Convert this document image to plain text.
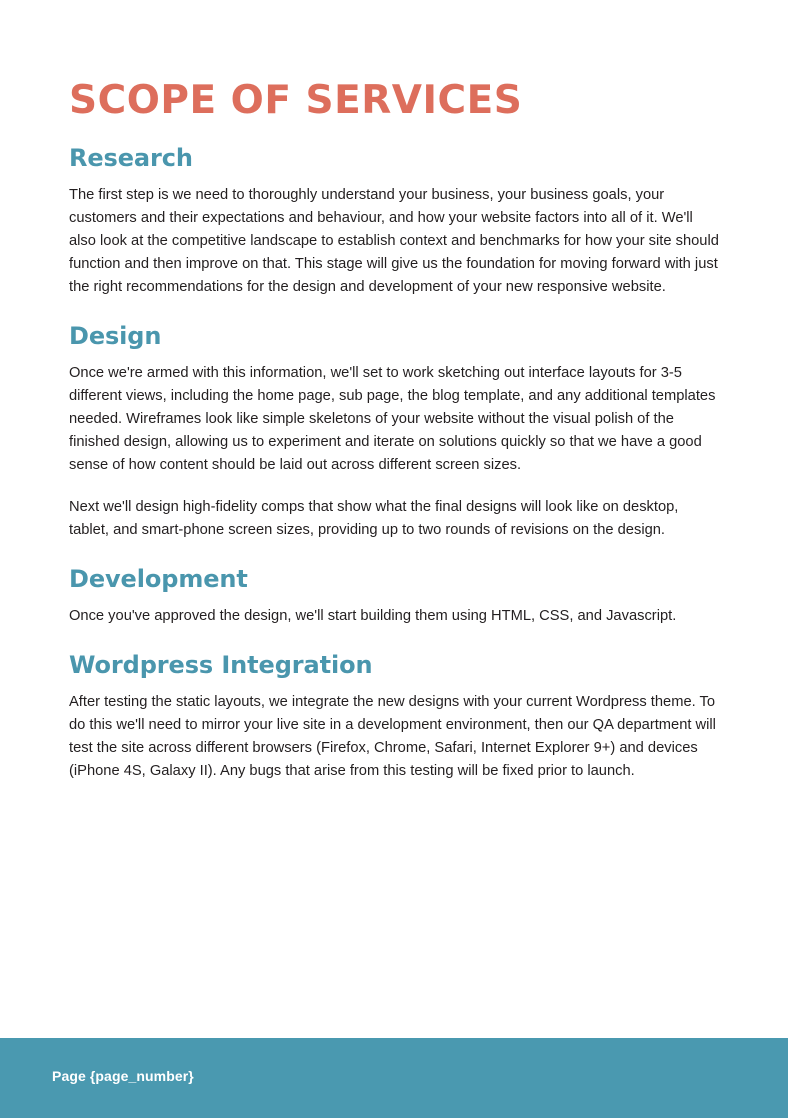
SCOPE OF SERVICES
Research

The first step is we need to thoroughly understand your business, your business goals, your customers and their expectations and behaviour, and how your website factors into all of it. We'll also look at the competitive landscape to establish context and benchmarks for how your site should function and then improve on that. This stage will give us the foundation for moving forward with just the right recommendations for the design and development of your new responsive website.

Design

Once we're armed with this information, we'll set to work sketching out interface layouts for 3-5 different views, including the home page, sub page, the blog template, and any additional templates needed. Wireframes look like simple skeletons of your website without the visual polish of the finished design, allowing us to experiment and iterate on solutions quickly so that we have a good sense of how content should be laid out across different screen sizes.

Next we'll design high-fidelity comps that show what the final designs will look like on desktop, tablet, and smart-phone screen sizes, providing up to two rounds of revisions on the design.

Development

Once you've approved the design, we'll start building them using HTML, CSS, and Javascript.

Wordpress Integration

After testing the static layouts, we integrate the new designs with your current Wordpress theme. To do this we'll need to mirror your live site in a development environment, then our QA department will test the site across different browsers (Firefox, Chrome, Safari, Internet Explorer 9+) and devices (iPhone 4S, Galaxy II). Any bugs that arise from this testing will be fixed prior to launch.

Page {page_number}
